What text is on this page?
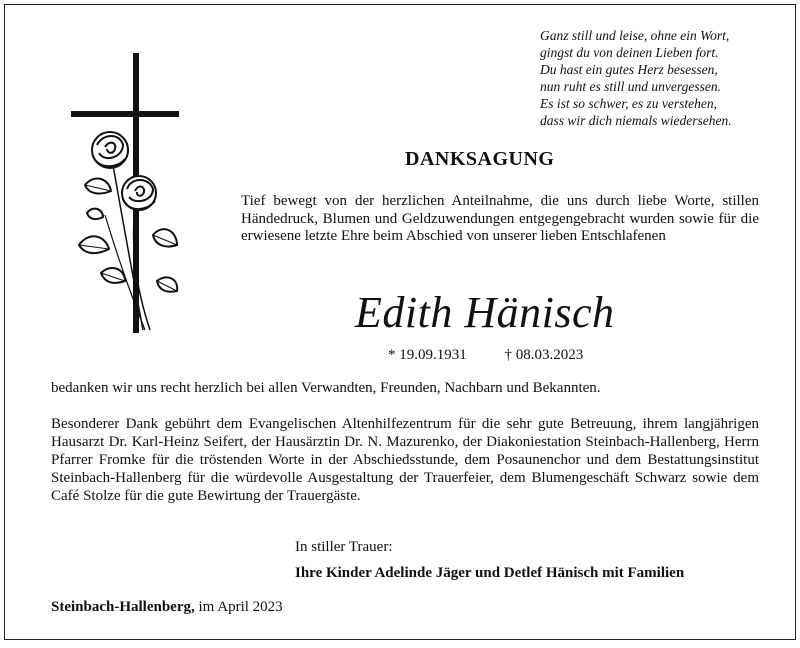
Ganz still und leise, ohne ein Wort,
gingst du von deinen Lieben fort.
Du hast ein gutes Herz besessen,
nun ruht es still und unvergessen.
Es ist so schwer, es zu verstehen,
dass wir dich niemals wiedersehen.
DANKSAGUNG
Tief bewegt von der herzlichen Anteilnahme, die uns durch liebe Worte, stillen Händedruck, Blumen und Geldzuwendungen entgegengebracht wurden sowie für die erwiesene letzte Ehre beim Abschied von unserer lieben Entschlafenen
Edith Hänisch
* 19.09.1931	† 08.03.2023
bedanken wir uns recht herzlich bei allen Verwandten, Freunden, Nachbarn und Bekannten.
Besonderer Dank gebührt dem Evangelischen Altenhilfezentrum für die sehr gute Betreuung, ihrem langjährigen Hausarzt Dr. Karl-Heinz Seifert, der Hausärztin Dr. N. Mazurenko, der Diakoniestation Steinbach-Hallenberg, Herrn Pfarrer Fromke für die tröstenden Worte in der Abschiedsstunde, dem Posaunenchor und dem Bestattungsinstitut Steinbach-Hallenberg für die würdevolle Ausgestaltung der Trauerfeier, dem Blumengeschäft Schwarz sowie dem Café Stolze für die gute Bewirtung der Trauergäste.
In stiller Trauer:
Ihre Kinder Adelinde Jäger und Detlef Hänisch mit Familien
Steinbach-Hallenberg, im April 2023
